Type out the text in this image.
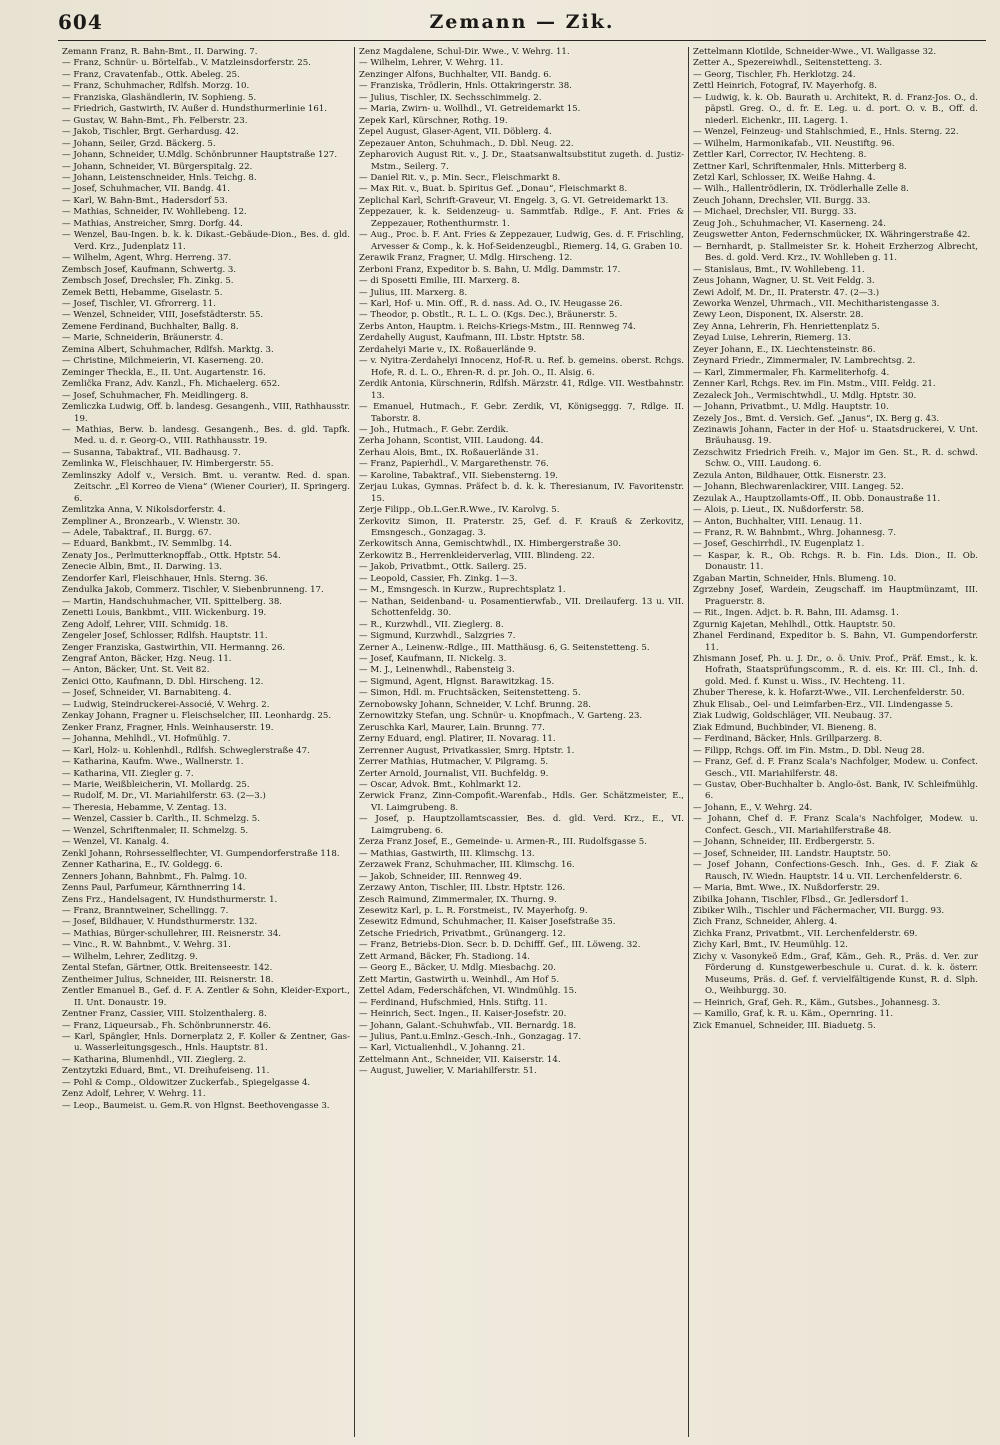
604	Zemann — Zik.
Zemann Franz, R. Bahn-Bmt., II. Darwing. 7.
— Franz, Schnür- u. Börtelfab., V. Matzleinsdorferstr. 25.
— Franz, Cravatenfab., Ottk. Abeleg. 25.
— Franz, Schuhmacher, Rdlfsh. Morzg. 10.
— Franziska, Glashändlerin, IV. Sophieng. 5.
— Friedrich, Gastwirth, IV. Außer d. Hundsthurmerlinie 161.
— Gustav, W. Bahn-Bmt., Fh. Felberstr. 23.
— Jakob, Tischler, Brgt. Gerhardusg. 42.
— Johann, Seiler, Grzd. Bäckerg. 5.
— Johann, Schneider, U.Mdlg. Schönbrunner Hauptstraße 127.
— Johann, Schneider, VI. Bürgerspitalg. 22.
— Johann, Leistenschneider, Hnls. Teichg. 8.
— Josef, Schuhmacher, VII. Bandg. 41.
— Karl, W. Bahn-Bmt., Hadersdorf 53.
— Mathias, Schneider, IV. Wohllebeng. 12.
— Mathias, Anstreicher, Smrg. Dorfg. 44.
— Wenzel, Bau-Ingen. b. k. k. Dikast.-Gebäude-Dion., Bes. d. gld. Verd. Krz., Judenplatz 11.
— Wilhelm, Agent, Whrg. Herreng. 37.
Zembsch Josef, Kaufmann, Schwertg. 3.
Zembsch Josef, Drechsler, Fh. Zinkg. 5.
Zemek Betti, Hebamme, Giselastr. 5.
— Josef, Tischler, VI. Gfrorrerg. 11.
— Wenzel, Schneider, VIII, Josefstädterstr. 55.
Zemene Ferdinand, Buchhalter, Ballg. 8.
— Marie, Schneiderin, Bräunerstr. 4.
Zemina Albert, Schuhmacher, Rdlfsh. Marktg. 3.
— Christine, Milchmeierin, VI. Kaserneng. 20.
Zeminger Theckla, E., II. Unt. Augartenstr. 16.
Zemlička Franz, Adv. Kanzl., Fh. Michaelerg. 652.
— Josef, Schuhmacher, Fh. Meidlingerg. 8.
Zemliczka Ludwig, Off. b. landesg. Gesangenh., VIII, Rathhausstr. 19.
— Mathias, Berw. b. landesg. Gesangenh., Bes. d. gld. Tapfk. Med. u. d. r. Georg-O., VIII. Rathhausstr. 19.
— Susanna, Tabaktraf., VII. Badhausg. 7.
Zemlinka W., Fleischhauer, IV. Himbergerstr. 55.
Zemlinszky Adolf v., Versich. Bmt. u. verantw. Red. d. span. Zeitschr. „El Korreo de Viena“ (Wiener Courier), II. Springerg. 6.
Zemlitzka Anna, V. Nikolsdorferstr. 4.
Zempliner A., Bronzearb., V. Wienstr. 30.
— Adele, Tabaktraf., II. Burgg. 67.
— Eduard, Bankbmt., IV. Semmlbg. 14.
Zenaty Jos., Perlmutterknopffab., Ottk. Hptstr. 54.
Zenecie Albin, Bmt., II. Darwing. 13.
Zendorfer Karl, Fleischhauer, Hnls. Sterng. 36.
Zendulka Jakob, Commerz. Tischler, V. Siebenbrunneng. 17.
— Martin, Handschuhmacher, VII. Spittelberg. 38.
Zenetti Louis, Bankbmt., VIII. Wickenburg. 19.
Zeng Adolf, Lehrer, VIII. Schmidg. 18.
Zengeler Josef, Schlosser, Rdlfsh. Hauptstr. 11.
Zenger Franziska, Gastwirthin, VII. Hermanng. 26.
Zengraf Anton, Bäcker, Hzg. Neug. 11.
— Anton, Bäcker, Unt. St. Veit 82.
Zenici Otto, Kaufmann, D. Dbl. Hirscheng. 12.
— Josef, Schneider, VI. Barnabiteng. 4.
— Ludwig, Steindruckerei-Associé, V. Wehrg. 2.
Zenkay Johann, Fragner u. Fleischselcher, III. Leonhardg. 25.
Zenker Franz, Fragner, Hnls. Weinhauserstr. 19.
— Johanna, Mehlhdl., VI. Hofmühlg. 7.
— Karl, Holz- u. Kohlenhdl., Rdlfsh. Schweglerstraße 47.
— Katharina, Kaufm. Wwe., Wallnerstr. 1.
— Katharina, VII. Ziegler g. 7.
— Marie, Weißbleicherin, VI. Mollardg. 25.
— Rudolf, M. Dr., VI. Mariahilferstr. 63. (2—3.)
— Theresia, Hebamme, V. Zentag. 13.
— Wenzel, Cassier b. Carlth., II. Schmelzg. 5.
— Wenzel, Schriftenmaler, II. Schmelzg. 5.
— Wenzel, VI. Kanalg. 4.
Zenkl Johann, Rohrsesselflechter, VI. Gumpendorferstraße 118.
Zenner Katharina, E., IV. Goldegg. 6.
Zenners Johann, Bahnbmt., Fh. Palmg. 10.
Zenns Paul, Parfumeur, Kärnthnerring 14.
Zens Frz., Handelsagent, IV. Hundsthurmerstr. 1.
— Franz, Branntweiner, Schellingg. 7.
— Josef, Bildhauer, V. Hundsthurmerstr. 132.
— Mathias, Bürger-schullehrer, III. Reisnerstr. 34.
— Vinc., R. W. Bahnbmt., V. Wehrg. 31.
— Wilhelm, Lehrer, Zedlitzg. 9.
Zental Stefan, Gärtner, Ottk. Breitenseestr. 142.
Zentheimer Julius, Schneider, III. Reisnerstr. 18.
Zentler Emanuel B., Gef. d. F. A. Zentler & Sohn, Kleider-Export., II. Unt. Donaustr. 19.
Zentner Franz, Cassier, VIII. Stolzenthalerg. 8.
— Franz, Liqueursab., Fh. Schönbrunnerstr. 46.
— Karl, Spängler, Hnls. Dornerplatz 2, F. Koller & Zentner, Gas- u. Wasserleitungsgesch., Hnls. Hauptstr. 81.
— Katharina, Blumenhdl., VII. Zieglerg. 2.
Zentzytzki Eduard, Bmt., VI. Dreihufeiseng. 11.
— Pohl & Comp., Oldowitzer Zuckerfab., Spiegelgasse 4.
Zenz Adolf, Lehrer, V. Wehrg. 11.
— Leop., Baumeist. u. Gem.R. von Hlgnst. Beethovengasse 3.
Zenz Magdalene, Schul-Dir. Wwe., V. Wehrg. 11.
— Wilhelm, Lehrer, V. Wehrg. 11.
Zenzinger Alfons, Buchhalter, VII. Bandg. 6.
— Franziska, Trödlerin, Hnls. Ottakringerstr. 38.
— Julius, Tischler, IX. Sechsschimmelg. 2.
— Maria, Zwirn- u. Wollhdl., VI. Getreidemarkt 15.
Zepek Karl, Kürschner, Rothg. 19.
Zepel August, Glaser-Agent, VII. Döblerg. 4.
Zepezauer Anton, Schuhmach., D. Dbl. Neug. 22.
Zepharovich August Rit. v., J. Dr., Staatsanwaltsubstitut zugeth. d. Justiz-Mstm., Seilerg. 7.
— Daniel Rit. v., p. Min. Secr., Fleischmarkt 8.
— Max Rit. v., Buat. b. Spiritus Gef. „Donau“, Fleischmarkt 8.
Zeplichal Karl, Schrift-Graveur, VI. Engelg. 3, G. VI. Getreidemarkt 13.
Zeppezauer, k. k. Seidenzeug- u. Sammtfab. Rdlge., F. Ant. Fries & Zeppezauer, Rothenthurmstr. 1.
— Aug., Proc. b. F. Ant. Fries & Zeppezauer, Ludwig, Ges. d. F. Frischling, Arvesser & Comp., k. k. Hof-Seidenzeugbl., Riemerg. 14, G. Graben 10.
Zerawik Franz, Fragner, U. Mdlg. Hirscheng. 12.
Zerboni Franz, Expeditor b. S. Bahn, U. Mdlg. Dammstr. 17.
— di Sposetti Emilie, III. Marxerg. 8.
— Julius, III. Marxerg. 8.
— Karl, Hof- u. Min. Off., R. d. nass. Ad. O., IV. Heugasse 26.
— Theodor, p. Obstlt., R. L. L. O. (Kgs. Dec.), Bräunerstr. 5.
Zerbs Anton, Hauptm. i. Reichs-Kriegs-Mstm., III. Rennweg 74.
Zerdahelly August, Kaufmann, III. Lbstr. Hptstr. 58.
Zerdahelyi Marie v., IX. Roßauerlände 9.
— v. Nyitra-Zerdahelyi Innocenz, Hof-R. u. Ref. b. gemeins. oberst. Rchgs. Hofe, R. d. L. O., Ehren-R. d. pr. Joh. O., II. Alsig. 6.
Zerdik Antonia, Kürschnerin, Rdlfsh. Märzstr. 41, Rdlge. VII. Westbahnstr. 13.
— Emanuel, Hutmach., F. Gebr. Zerdik, VI, Königseggg. 7, Rdlge. II. Taborstr. 8.
— Joh., Hutmach., F. Gebr. Zerdik.
Zerha Johann, Scontist, VIII. Laudong. 44.
Zerhau Alois, Bmt., IX. Roßauerlände 31.
— Franz, Papierhdl., V. Margarethenstr. 76.
— Karoline, Tabaktraf., VII. Siebensterng. 19.
Zerjau Lukas, Gymnas. Präfect b. d. k. k. Theresianum, IV. Favoritenstr. 15.
Zerje Filipp., Ob.L.Ger.R.Wwe., IV. Karolvg. 5.
Zerkovitz Simon, II. Praterstr. 25, Gef. d. F. Krauß & Zerkovitz, Emsngesch., Gonzagag. 3.
Zerkowitsch Anna, Gemischtwhdl., IX. Himbergerstraße 30.
Zerkowitz B., Herrenkleiderverlag, VIII. Blindeng. 22.
— Jakob, Privatbmt., Ottk. Sailerg. 25.
— Leopold, Cassier, Fh. Zinkg. 1—3.
— M., Emsngesch. in Kurzw., Ruprechtsplatz 1.
— Nathan, Seidenband- u. Posamentierwfab., VII. Dreilauferg. 13 u. VII. Schottenfeldg. 30.
— R., Kurzwhdl., VII. Zieglerg. 8.
— Sigmund, Kurzwhdl., Salzgries 7.
Zerner A., Leinenw.-Rdlge., III. Matthäusg. 6, G. Seitenstetteng. 5.
— Josef, Kaufmann, II. Nickelg. 3.
— M. J., Leinenwhdl., Rabensteig 3.
— Sigmund, Agent, Hlgnst. Barawitzkag. 15.
— Simon, Hdl. m. Fruchtsäcken, Seitenstetteng. 5.
Zernobowsky Johann, Schneider, V. Lchf. Brunng. 28.
Zernowitzky Stefan, ung. Schnür- u. Knopfmach., V. Garteng. 23.
Zeruschka Karl, Maurer, Lain. Brunng. 77.
Zerny Eduard, engl. Platirer, II. Novarag. 11.
Zerrenner August, Privatkassier, Smrg. Hptstr. 1.
Zerrer Mathias, Hutmacher, V. Pilgramg. 5.
Zerter Arnold, Journalist, VII. Buchfeldg. 9.
— Oscar, Advok. Bmt., Kohlmarkt 12.
Zerwick Franz, Zinn-Compofit.-Warenfab., Hdls. Ger. Schätzmeister, E., VI. Laimgrubeng. 8.
— Josef, p. Hauptzollamtscassier, Bes. d. gld. Verd. Krz., E., VI. Laimgrubeng. 6.
Zerza Franz Josef, E., Gemeinde- u. Armen-R., III. Rudolfsgasse 5.
— Mathias, Gastwirth, III. Klimschg. 13.
Zerzawek Franz, Schuhmacher, III. Klimschg. 16.
— Jakob, Schneider, III. Rennweg 49.
Zerzawy Anton, Tischler, III. Lbstr. Hptstr. 126.
Zesch Raimund, Zimmermaler, IX. Thurng. 9.
Zesewitz Karl, p. L. R. Forstmeist., IV. Mayerhofg. 9.
Zesewitz Edmund, Schuhmacher, II. Kaiser Josefstraße 35.
Zetsche Friedrich, Privatbmt., Grünangerg. 12.
— Franz, Betriebs-Dion. Secr. b. D. Dchifff. Gef., III. Löweng. 32.
Zett Armand, Bäcker, Fh. Stadiong. 14.
— Georg E., Bäcker, U. Mdlg. Miesbachg. 20.
Zett Martin, Gastwirth u. Weinhdl., Am Hof 5.
Zettel Adam, Federschäfchen, VI. Windmühlg. 15.
— Ferdinand, Hufschmied, Hnls. Stiftg. 11.
— Heinrich, Sect. Ingen., II. Kaiser-Josefstr. 20.
— Johann, Galant.-Schuhwfab., VII. Bernardg. 18.
— Julius, Pant.u.Emlnz.-Gesch.-Inh., Gonzagag. 17.
— Karl, Victualienhdl., V. Johanng. 21.
Zettelmann Ant., Schneider, VII. Kaiserstr. 14.
— August, Juwelier, V. Mariahilferstr. 51.
Zettelmann Klotilde, Schneider-Wwe., VI. Wallgasse 32.
Zetter A., Spezereiwhdl., Seitenstetteng. 3.
— Georg, Tischler, Fh. Herklotzg. 24.
Zettl Heinrich, Fotograf, IV. Mayerhofg. 8.
— Ludwig, k. k. Ob. Baurath u. Architekt, R. d. Franz-Jos. O., d. päpstl. Greg. O., d. fr. E. Leg. u. d. port. O. v. B., Off. d. niederl. Eichenkr., III. Lagerg. 1.
— Wenzel, Feinzeug- und Stahlschmied, E., Hnls. Sterng. 22.
— Wilhelm, Harmonikafab., VII. Neustiftg. 96.
Zettler Karl, Corrector, IV. Hechteng. 8.
Zettner Karl, Schriftenmaler, Hnls. Mitterberg 8.
Zetzl Karl, Schlosser, IX. Weiße Hahng. 4.
— Wilh., Hallentrödlerin, IX. Trödlerhalle Zelle 8.
Zeuch Johann, Drechsler, VII. Burgg. 33.
— Michael, Drechsler, VII. Burgg. 33.
Zeug Joh., Schuhmacher, VI. Kaserneng. 24.
Zeugswetter Anton, Federnschmücker, IX. Währingerstraße 42.
— Bernhardt, p. Stallmeister Sr. k. Hoheit Erzherzog Albrecht, Bes. d. gold. Verd. Krz., IV. Wohlleben g. 11.
— Stanislaus, Bmt., IV. Wohllebeng. 11.
Zeus Johann, Wagner, U. St. Veit Feldg. 3.
Zewi Adolf, M. Dr., II. Praterstr. 47. (2—3.)
Zeworka Wenzel, Uhrmach., VII. Mechitharistengasse 3.
Zewy Leon, Disponent, IX. Alserstr. 28.
Zey Anna, Lehrerin, Fh. Henriettenplatz 5.
Zeyad Luise, Lehrerin, Riemerg. 13.
Zeyer Johann, E., IX. Liechtensteinstr. 86.
Zeynard Friedr., Zimmermaler, IV. Lambrechtsg. 2.
— Karl, Zimmermaler, Fh. Karmeliterhofg. 4.
Zenner Karl, Rchgs. Rev. im Fin. Mstm., VIII. Feldg. 21.
Zezaleck Joh., Vermischtwhdl., U. Mdlg. Hptstr. 30.
— Johann, Privatbmt., U. Mdlg. Hauptstr. 10.
Zezely Jos., Bmt. d. Versich. Gef. „Janus“, IX. Berg g. 43.
Zezinawis Johann, Facter in der Hof- u. Staatsdruckerei, V. Unt. Bräuhausg. 19.
Zezschwitz Friedrich Freih. v., Major im Gen. St., R. d. schwd. Schw. O., VIII. Laudong. 6.
Zezula Anton, Bildhauer, Ottk. Eisnerstr. 23.
— Johann, Blechwarenlackirer, VIII. Langeg. 52.
Zezulak A., Hauptzollamts-Off., II. Obb. Donaustraße 11.
— Alois, p. Lieut., IX. Nußdorferstr. 58.
— Anton, Buchhalter, VIII. Lenaug. 11.
— Franz, R. W. Bahnbmt., Whrg. Johannesg. 7.
— Josef, Geschirrhdl., IV. Eugenplatz 1.
— Kaspar, k. R., Ob. Rchgs. R. b. Fin. Lds. Dion., II. Ob. Donaustr. 11.
Zgaban Martin, Schneider, Hnls. Blumeng. 10.
Zgrzebny Josef, Wardein, Zeugschaff. im Hauptmünzamt, III. Praguerstr. 8.
— Rit., Ingen. Adjct. b. R. Bahn, III. Adamsg. 1.
Zgurnig Kajetan, Mehlhdl., Ottk. Hauptstr. 50.
Zhanel Ferdinand, Expeditor b. S. Bahn, VI. Gumpendorferstr. 11.
Zhismann Josef, Ph. u. J. Dr., o. ö. Univ. Prof., Präf. Emst., k. k. Hofrath, Staatsprüfungscomm., R. d. eis. Kr. III. Cl., Inh. d. gold. Med. f. Kunst u. Wiss., IV. Hechteng. 11.
Zhuber Therese, k. k. Hofarzt-Wwe., VII. Lerchenfelderstr. 50.
Zhuk Elisab., Oel- und Leimfarben-Erz., VII. Lindengasse 5.
Ziak Ludwig, Goldschläger, VII. Neubaug. 37.
Ziak Edmund, Buchbinder, VI. Bieneng. 8.
— Ferdinand, Bäcker, Hnls. Grillparzerg. 8.
— Filipp, Rchgs. Off. im Fin. Mstm., D. Dbl. Neug 28.
— Franz, Gef. d. F. Franz Scala's Nachfolger, Modew. u. Confect. Gesch., VII. Mariahilferstr. 48.
— Gustav, Ober-Buchhalter b. Anglo-öst. Bank, IV. Schleifmühlg. 6.
— Johann, E., V. Wehrg. 24.
— Johann, Chef d. F. Franz Scala's Nachfolger, Modew. u. Confect. Gesch., VII. Mariahilferstraße 48.
— Johann, Schneider, III. Erdbergerstr. 5.
— Josef, Schneider, III. Landstr. Hauptstr. 50.
— Josef Johann, Confections-Gesch. Inh., Ges. d. F. Ziak & Rausch, IV. Wiedn. Hauptstr. 14 u. VII. Lerchenfelderstr. 6.
— Maria, Bmt. Wwe., IX. Nußdorferstr. 29.
Zibilka Johann, Tischler, Flbsd., Gr. Jedlersdorf 1.
Zibiker Wilh., Tischler und Fächermacher, VII. Burgg. 93.
Zich Franz, Schneider, Ahlerg. 4.
Zichka Franz, Privatbmt., VII. Lerchenfelderstr. 69.
Zichy Karl, Bmt., IV. Heumühlg. 12.
Zichy v. Vasonykeö Edm., Graf, Käm., Geh. R., Präs. d. Ver. zur Förderung d. Kunstgewerbeschule u. Curat. d. k. k. österr. Museums, Präs. d. Gef. f. vervielfältigende Kunst, R. d. Slph. O., Weihburgg. 30.
— Heinrich, Graf, Geh. R., Käm., Gutsbes., Johannesg. 3.
— Kamillo, Graf, k. R. u. Käm., Opernring. 11.
Zick Emanuel, Schneider, III. Biaduetg. 5.
